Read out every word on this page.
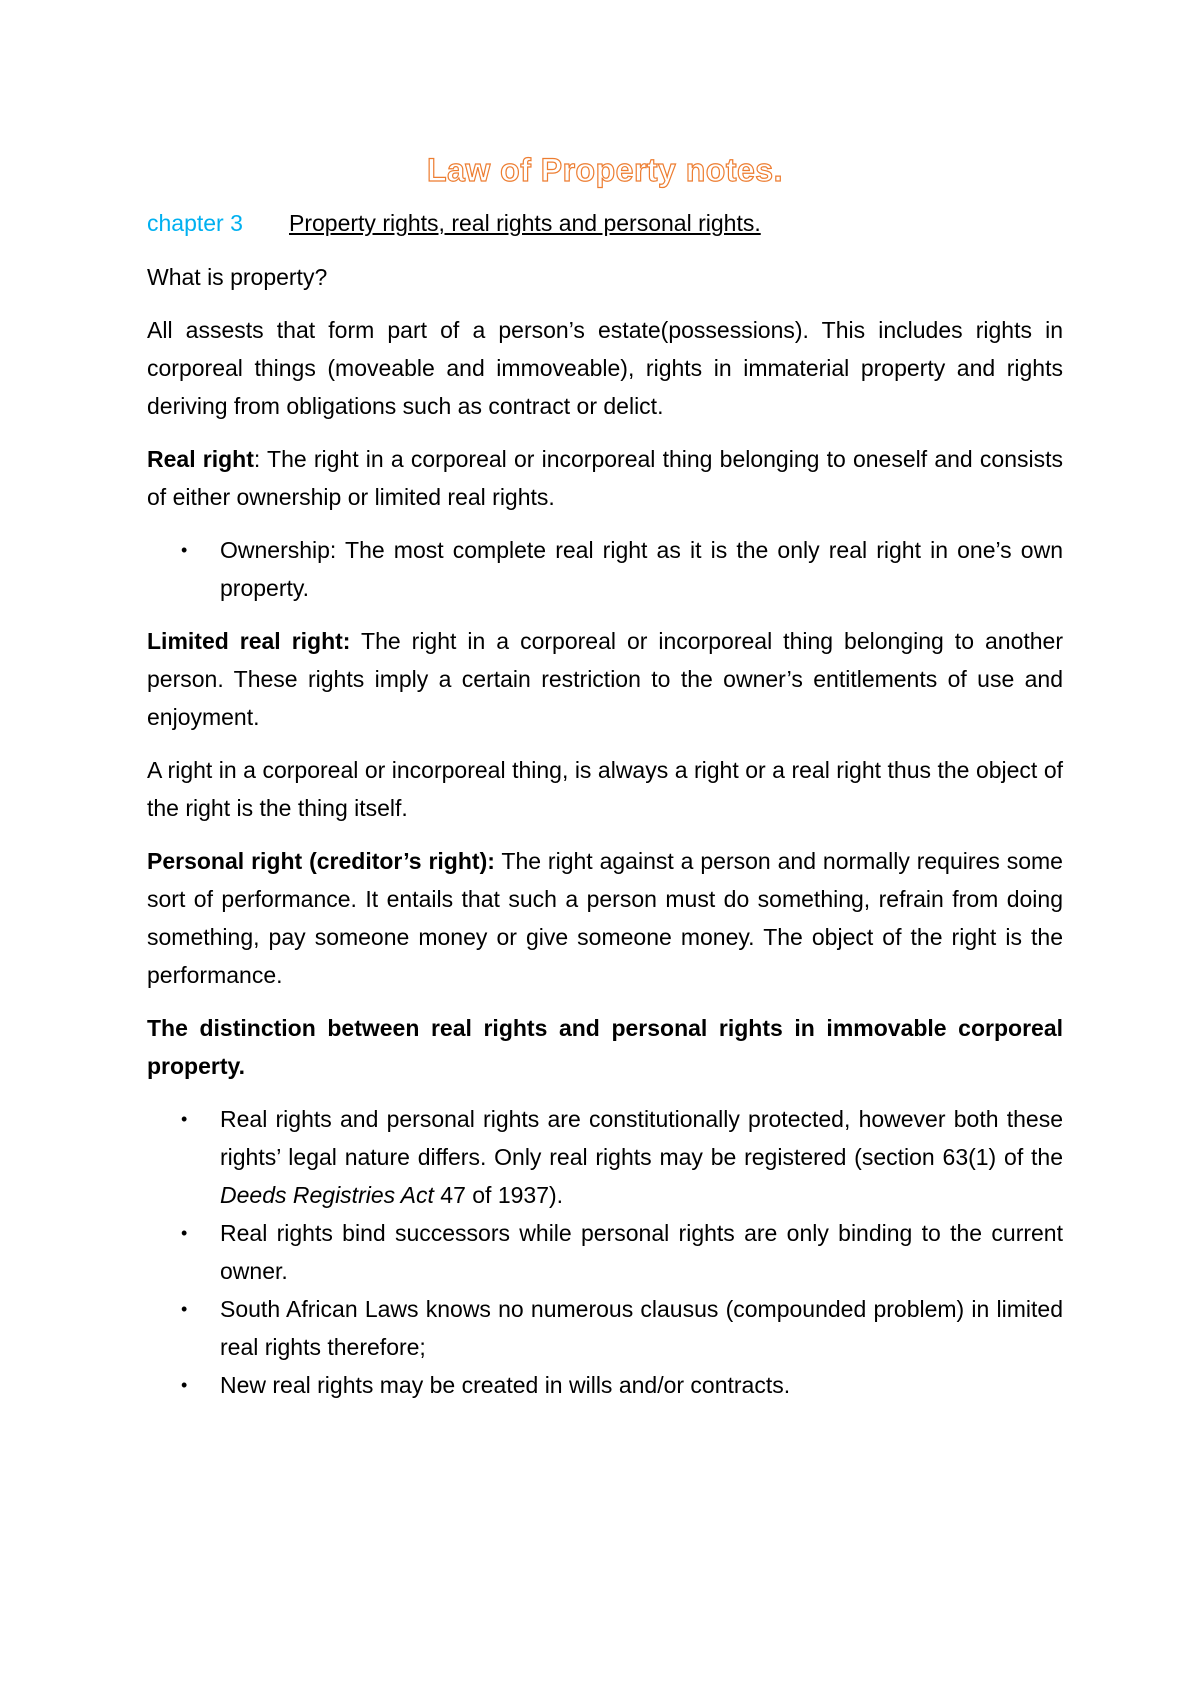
Law of Property notes.
chapter 3 Property rights, real rights and personal rights.

What is property?

All assests that form part of a person’s estate(possessions). This includes rights in corporeal things (moveable and immoveable), rights in immaterial property and rights deriving from obligations such as contract or delict.

Real right: The right in a corporeal or incorporeal thing belonging to oneself and consists of either ownership or limited real rights.

• Ownership: The most complete real right as it is the only real right in one’s own property.

Limited real right: The right in a corporeal or incorporeal thing belonging to another person. These rights imply a certain restriction to the owner’s entitlements of use and enjoyment.

A right in a corporeal or incorporeal thing, is always a right or a real right thus the object of the right is the thing itself.

Personal right (creditor’s right): The right against a person and normally requires some sort of performance. It entails that such a person must do something, refrain from doing something, pay someone money or give someone money. The object of the right is the performance.

The distinction between real rights and personal rights in immovable corporeal property.

• Real rights and personal rights are constitutionally protected, however both these rights’ legal nature differs. Only real rights may be registered (section 63(1) of the Deeds Registries Act 47 of 1937).
• Real rights bind successors while personal rights are only binding to the current owner.
• South African Laws knows no numerous clausus (compounded problem) in limited real rights therefore;
• New real rights may be created in wills and/or contracts.
